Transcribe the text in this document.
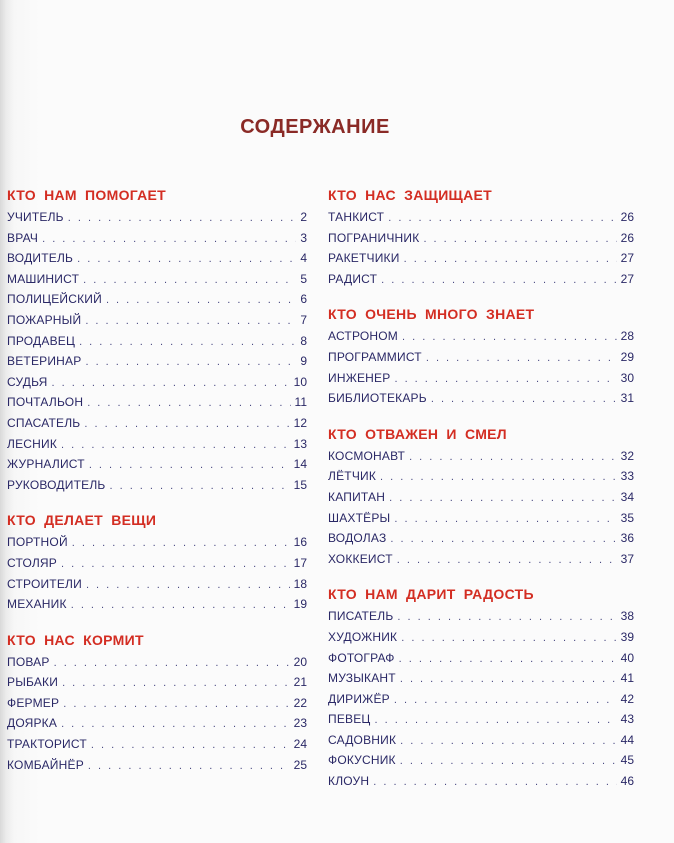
СОДЕРЖАНИЕ
КТО НАМ ПОМОГАЕТ
УЧИТЕЛЬ . . .	2
ВРАЧ . . .	3
ВОДИТЕЛЬ . . .	4
МАШИНИСТ . . .	5
ПОЛИЦЕЙСКИЙ . . .	6
ПОЖАРНЫЙ . . .	7
ПРОДАВЕЦ . . .	8
ВЕТЕРИНАР . . .	9
СУДЬЯ . . .	10
ПОЧТАЛЬОН . . .	11
СПАСАТЕЛЬ . . .	12
ЛЕСНИК . . .	13
ЖУРНАЛИСТ . . .	14
РУКОВОДИТЕЛЬ . . .	15
КТО ДЕЛАЕТ ВЕЩИ
ПОРТНОЙ . . .	16
СТОЛЯР . . .	17
СТРОИТЕЛИ . . .	18
МЕХАНИК . . .	19
КТО НАС КОРМИТ
ПОВАР . . .	20
РЫБАКИ . . .	21
ФЕРМЕР . . .	22
ДОЯРКА . . .	23
ТРАКТОРИСТ . . .	24
КОМБАЙНЁР . . .	25
КТО НАС ЗАЩИЩАЕТ
ТАНКИСТ . . .	26
ПОГРАНИЧНИК . . .	26
РАКЕТЧИКИ . . .	27
РАДИСТ . . .	27
КТО ОЧЕНЬ МНОГО ЗНАЕТ
АСТРОНОМ . . .	28
ПРОГРАММИСТ . . .	29
ИНЖЕНЕР . . .	30
БИБЛИОТЕКАРЬ . . .	31
КТО ОТВАЖЕН И СМЕЛ
КОСМОНАВТ . . .	32
ЛЁТЧИК . . .	33
КАПИТАН . . .	34
ШАХТЁРЫ . . .	35
ВОДОЛАЗ . . .	36
ХОККЕИСТ . . .	37
КТО НАМ ДАРИТ РАДОСТЬ
ПИСАТЕЛЬ . . .	38
ХУДОЖНИК . . .	39
ФОТОГРАФ . . .	40
МУЗЫКАНТ . . .	41
ДИРИЖЁР . . .	42
ПЕВЕЦ . . .	43
САДОВНИК . . .	44
ФОКУСНИК . . .	45
КЛОУН . . .	46
